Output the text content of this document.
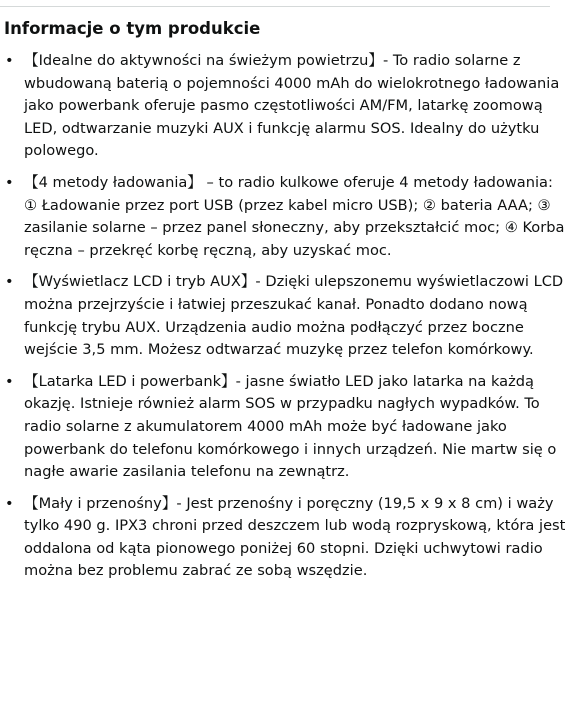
Informacje o tym produkcie
• 【Idealne do aktywności na świeżym powietrzu】- To radio solarne z wbudowaną baterią o pojemności 4000 mAh do wielokrotnego ładowania jako powerbank oferuje pasmo częstotliwości AM/FM, latarkę zoomową LED, odtwarzanie muzyki AUX i funkcję alarmu SOS. Idealny do użytku polowego.
• 【4 metody ładowania】 – to radio kulkowe oferuje 4 metody ładowania: ① Ładowanie przez port USB (przez kabel micro USB); ② bateria AAA; ③ zasilanie solarne – przez panel słoneczny, aby przekształcić moc; ④ Korba ręczna – przekręć korbę ręczną, aby uzyskać moc.
• 【Wyświetlacz LCD i tryb AUX】- Dzięki ulepszonemu wyświetlaczowi LCD można przejrzyście i łatwiej przeszukać kanał. Ponadto dodano nową funkcję trybu AUX. Urządzenia audio można podłączyć przez boczne wejście 3,5 mm. Możesz odtwarzać muzykę przez telefon komórkowy.
• 【Latarka LED i powerbank】- jasne światło LED jako latarka na każdą okazję. Istnieje również alarm SOS w przypadku nagłych wypadków. To radio solarne z akumulatorem 4000 mAh może być ładowane jako powerbank do telefonu komórkowego i innych urządzeń. Nie martw się o nagłe awarie zasilania telefonu na zewnątrz.
• 【Mały i przenośny】- Jest przenośny i poręczny (19,5 x 9 x 8 cm) i waży tylko 490 g. IPX3 chroni przed deszczem lub wodą rozpryskową, która jest oddalona od kąta pionowego poniżej 60 stopni. Dzięki uchwytowi radio można bez problemu zabrać ze sobą wszędzie.
